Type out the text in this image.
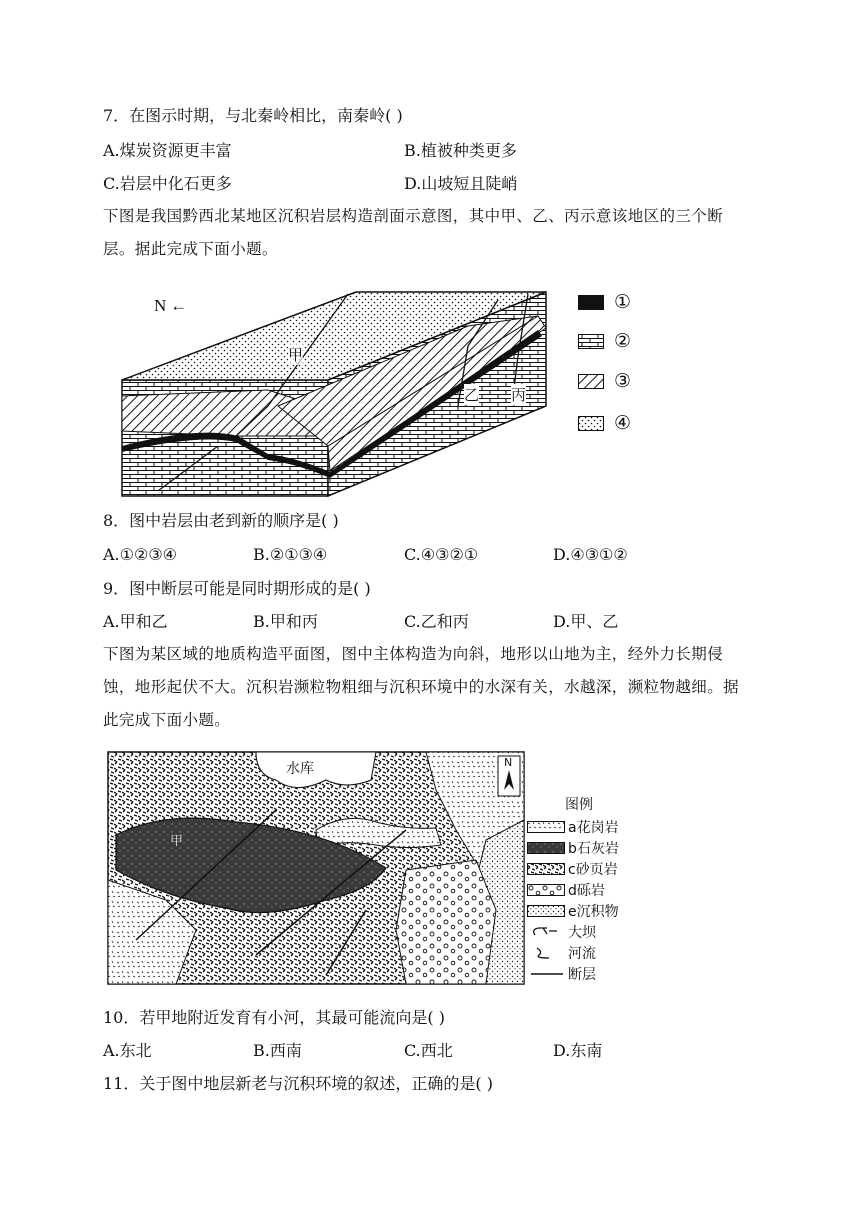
7．在图示时期，与北秦岭相比，南秦岭( )
A.煤炭资源更丰富	B.植被种类更多
C.岩层中化石更多	D.山坡短且陡峭
下图是我国黔西北某地区沉积岩层构造剖面示意图，其中甲、乙、丙示意该地区的三个断层。据此完成下面小题。
N ←
甲
乙 丙
①
②
③
④
8．图中岩层由老到新的顺序是( )
A.①②③④	B.②①③④	C.④③②①	D.④③①②
9．图中断层可能是同时期形成的是( )
A.甲和乙	B.甲和丙	C.乙和丙	D.甲、乙
下图为某区域的地质构造平面图，图中主体构造为向斜，地形以山地为主，经外力长期侵蚀，地形起伏不大。沉积岩濒粒物粗细与沉积环境中的水深有关，水越深，濒粒物越细。据此完成下面小题。
水库	N
甲
图例
a花岗岩
b石灰岩
c砂页岩
d砾岩
e沉积物
大坝
河流
断层
10．若甲地附近发育有小河，其最可能流向是( )
A.东北	B.西南	C.西北	D.东南
11．关于图中地层新老与沉积环境的叙述，正确的是( )
